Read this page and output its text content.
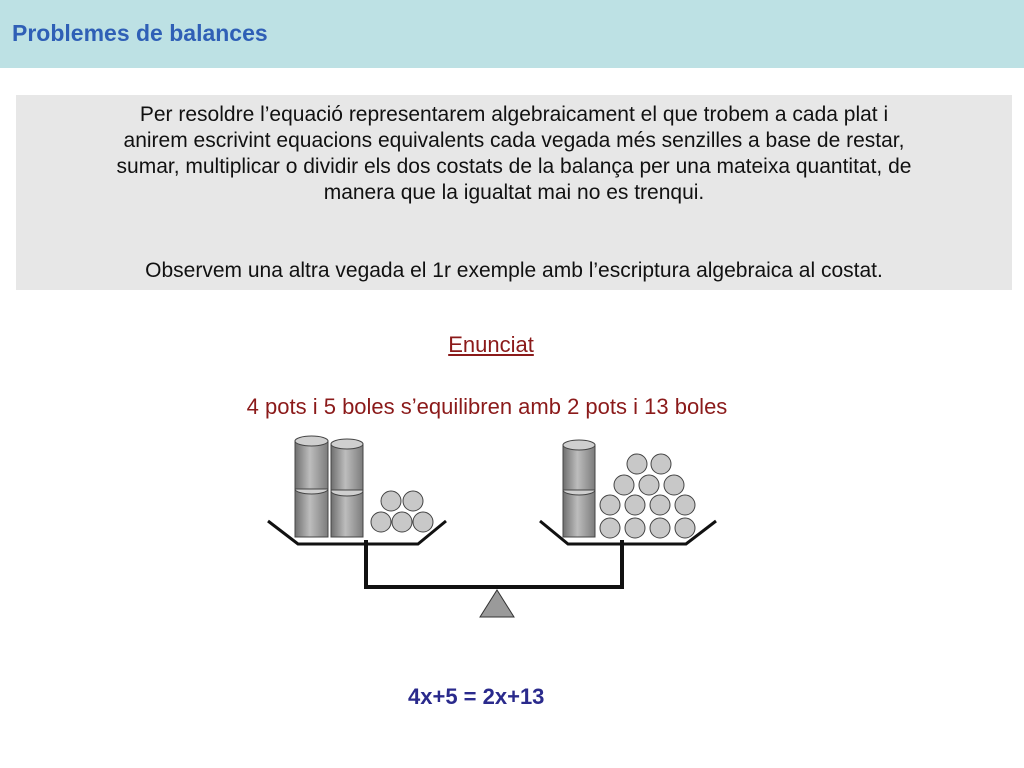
Problemes de balances

Per resoldre l’equació representarem algebraicament el que trobem a cada plat i
anirem escrivint equacions equivalents cada vegada més senzilles a base de restar,
sumar, multiplicar o dividir els dos costats de la balança per una mateixa quantitat, de
manera que la igualtat mai no es trenqui.

Observem una altra vegada el 1r exemple amb l’escriptura algebraica al costat.

Enunciat
4 pots i 5 boles s’equilibren amb 2 pots i 13 boles
4x+5 = 2x+13
